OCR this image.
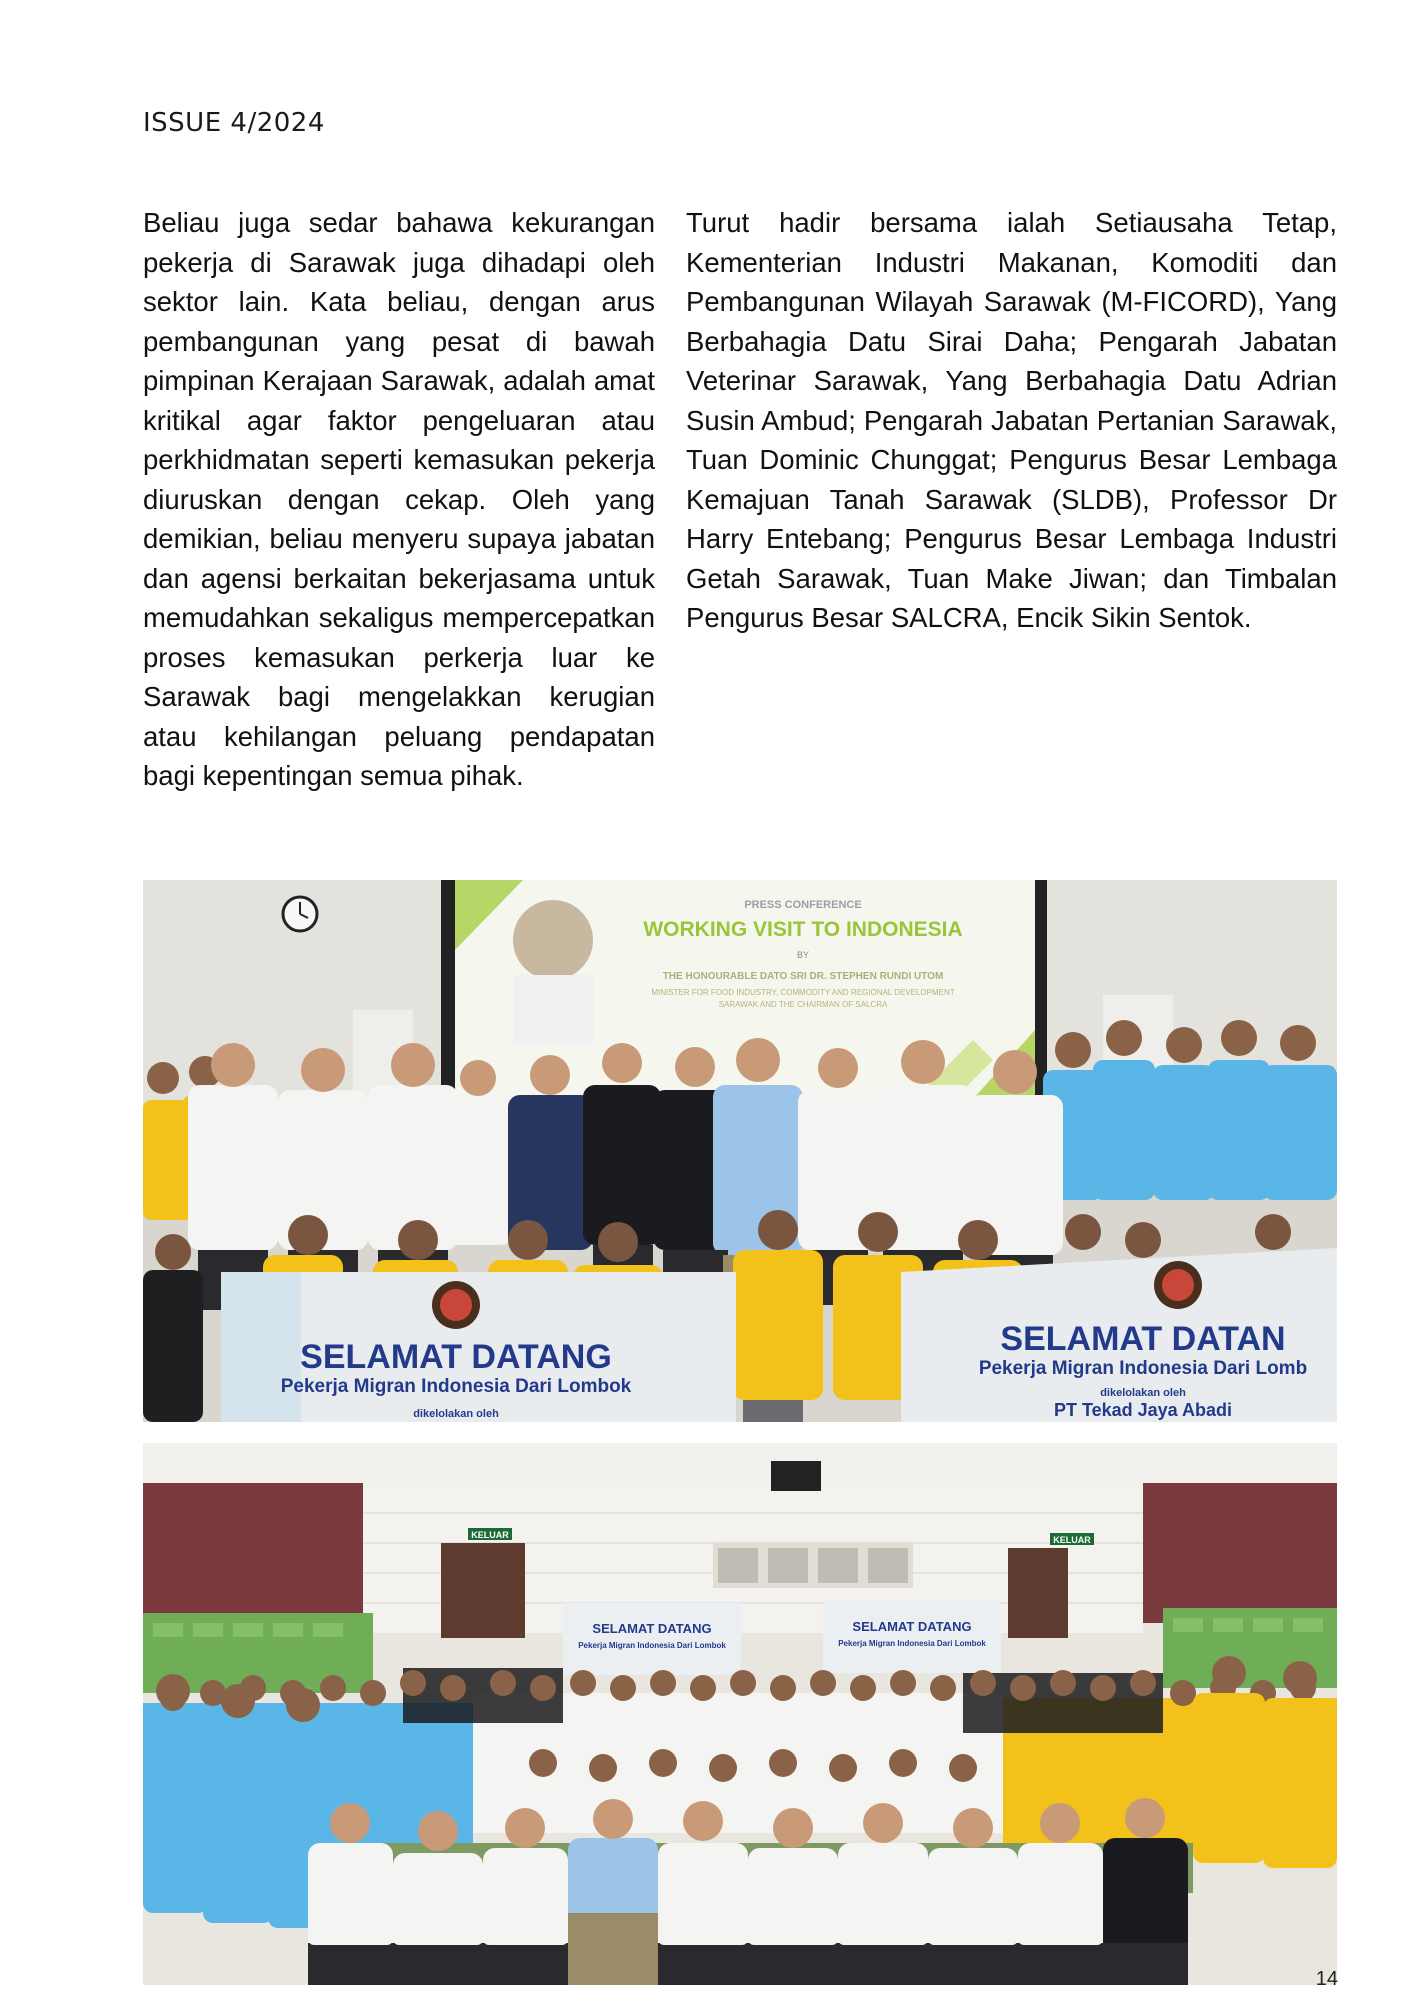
ISSUE 4/2024
Beliau juga sedar bahawa kekurangan pekerja di Sarawak juga dihadapi oleh sektor lain. Kata beliau, dengan arus pembangunan yang pesat di bawah pimpinan Kerajaan Sarawak, adalah amat kritikal agar faktor pengeluaran atau perkhidmatan seperti kemasukan pekerja diuruskan dengan cekap. Oleh yang demikian, beliau menyeru supaya jabatan dan agensi berkaitan bekerjasama untuk memudahkan sekaligus mempercepatkan proses kemasukan perkerja luar ke Sarawak bagi mengelakkan kerugian atau kehilangan peluang pendapatan bagi kepentingan semua pihak.
Turut hadir bersama ialah Setiausaha Tetap, Kementerian Industri Makanan, Komoditi dan Pembangunan Wilayah Sarawak (M-FICORD), Yang Berbahagia Datu Sirai Daha; Pengarah Jabatan Veterinar Sarawak, Yang Berbahagia Datu Adrian Susin Ambud; Pengarah Jabatan Pertanian Sarawak, Tuan Dominic Chunggat; Pengurus Besar Lembaga Kemajuan Tanah Sarawak (SLDB), Professor Dr Harry Entebang; Pengurus Besar Lembaga Industri Getah Sarawak, Tuan Make Jiwan; dan Timbalan Pengurus Besar SALCRA, Encik Sikin Sentok.
PRESS CONFERENCE
WORKING VISIT TO INDONESIA
BY
THE HONOURABLE DATO SRI DR. STEPHEN RUNDI UTOM
MINISTER FOR FOOD INDUSTRY, COMMODITY AND REGIONAL DEVELOPMENT
SARAWAK AND THE CHAIRMAN OF SALCRA
SELAMAT DATANG
Pekerja Migran Indonesia Dari Lombok
dikelolakan oleh
SELAMAT DATAN
Pekerja Migran Indonesia Dari Lomb
dikelolakan oleh
PT Tekad Jaya Abadi
KELUAR	KELUAR
SELAMAT DATANG
Pekerja Migran Indonesia Dari Lombok
SELAMAT DATANG
Pekerja Migran Indonesia Dari Lombok
14
